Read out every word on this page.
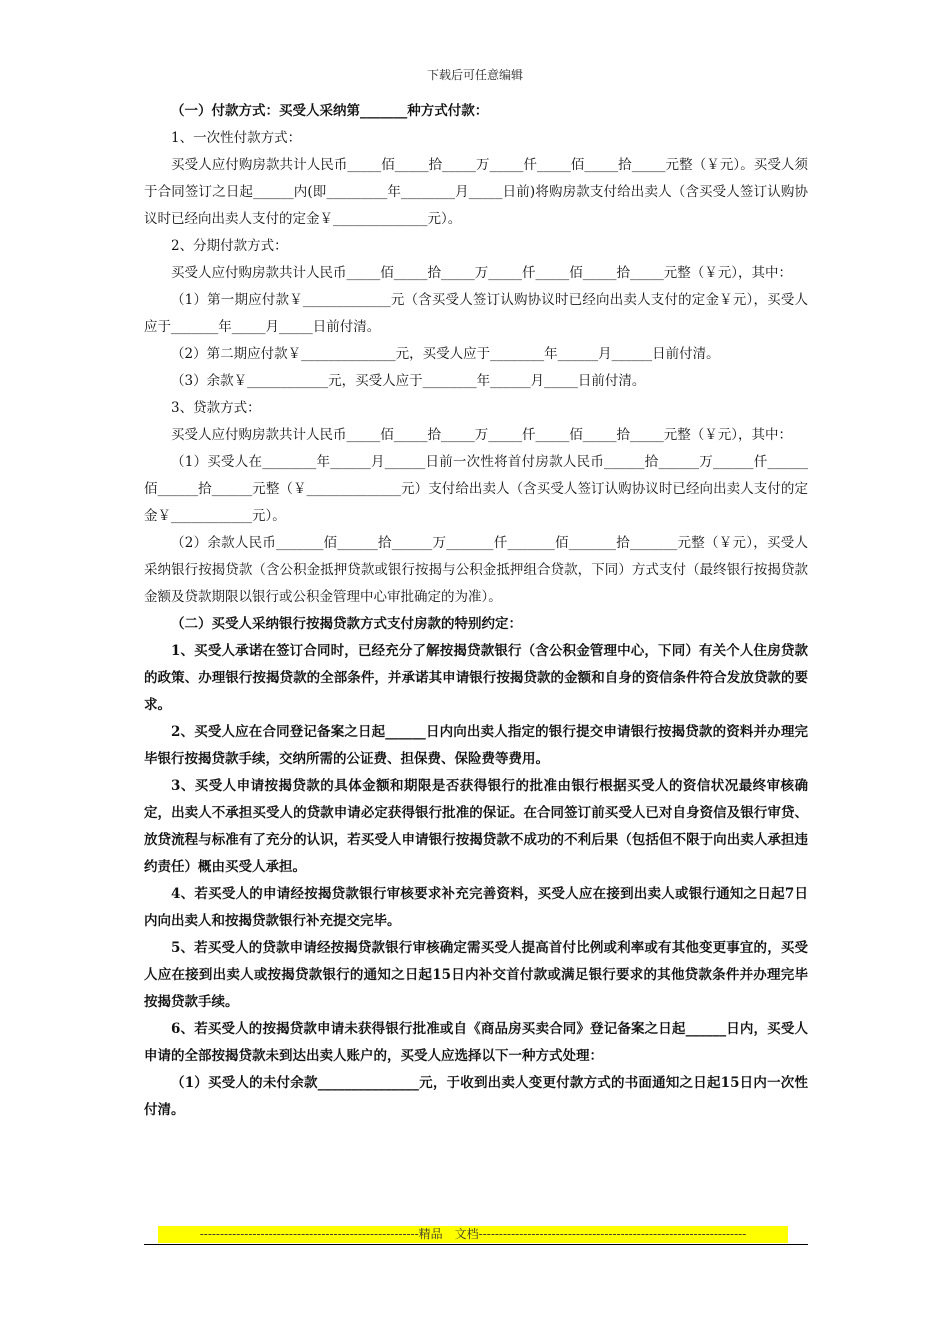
下载后可任意编辑

（一）付款方式：买受人采纳第_______种方式付款：

1、一次性付款方式：

买受人应付购房款共计人民币_____佰_____拾_____万_____仟_____佰_____拾_____元整（￥元）。买受人须于合同签订之日起______内(即_________年________月_____日前)将购房款支付给出卖人（含买受人签订认购协议时已经向出卖人支付的定金￥______________元）。

2、分期付款方式：

买受人应付购房款共计人民币_____佰_____拾_____万_____仟_____佰_____拾_____元整（￥元），其中：

（1）第一期应付款￥_____________元（含买受人签订认购协议时已经向出卖人支付的定金￥元），买受人应于_______年_____月_____日前付清。

（2）第二期应付款￥______________元，买受人应于________年______月______日前付清。

（3）余款￥____________元，买受人应于________年______月_____日前付清。

3、贷款方式：

买受人应付购房款共计人民币_____佰_____拾_____万_____仟_____佰_____拾_____元整（￥元），其中：

（1）买受人在________年______月______日前一次性将首付房款人民币______拾______万______仟______佰______拾______元整（￥______________元）支付给出卖人（含买受人签订认购协议时已经向出卖人支付的定金￥____________元）。

（2）余款人民币_______佰______拾______万_______仟_______佰_______拾_______元整（￥元），买受人采纳银行按揭贷款（含公积金抵押贷款或银行按揭与公积金抵押组合贷款，下同）方式支付（最终银行按揭贷款金额及贷款期限以银行或公积金管理中心审批确定的为准）。

（二）买受人采纳银行按揭贷款方式支付房款的特别约定：

1、买受人承诺在签订合同时，已经充分了解按揭贷款银行（含公积金管理中心，下同）有关个人住房贷款的政策、办理银行按揭贷款的全部条件，并承诺其申请银行按揭贷款的金额和自身的资信条件符合发放贷款的要求。

2、买受人应在合同登记备案之日起______日内向出卖人指定的银行提交申请银行按揭贷款的资料并办理完毕银行按揭贷款手续，交纳所需的公证费、担保费、保险费等费用。

3、买受人申请按揭贷款的具体金额和期限是否获得银行的批准由银行根据买受人的资信状况最终审核确定，出卖人不承担买受人的贷款申请必定获得银行批准的保证。在合同签订前买受人已对自身资信及银行审贷、放贷流程与标准有了充分的认识，若买受人申请银行按揭贷款不成功的不利后果（包括但不限于向出卖人承担违约责任）概由买受人承担。

4、若买受人的申请经按揭贷款银行审核要求补充完善资料，买受人应在接到出卖人或银行通知之日起7日内向出卖人和按揭贷款银行补充提交完毕。

5、若买受人的贷款申请经按揭贷款银行审核确定需买受人提高首付比例或利率或有其他变更事宜的，买受人应在接到出卖人或按揭贷款银行的通知之日起15日内补交首付款或满足银行要求的其他贷款条件并办理完毕按揭贷款手续。

6、若买受人的按揭贷款申请未获得银行批准或自《商品房买卖合同》登记备案之日起______日内，买受人申请的全部按揭贷款未到达出卖人账户的，买受人应选择以下一种方式处理：

（1）买受人的未付余款_______________元，于收到出卖人变更付款方式的书面通知之日起15日内一次性付清。

------------------------------------------------------精品　文档------------------------------------------------------------------
